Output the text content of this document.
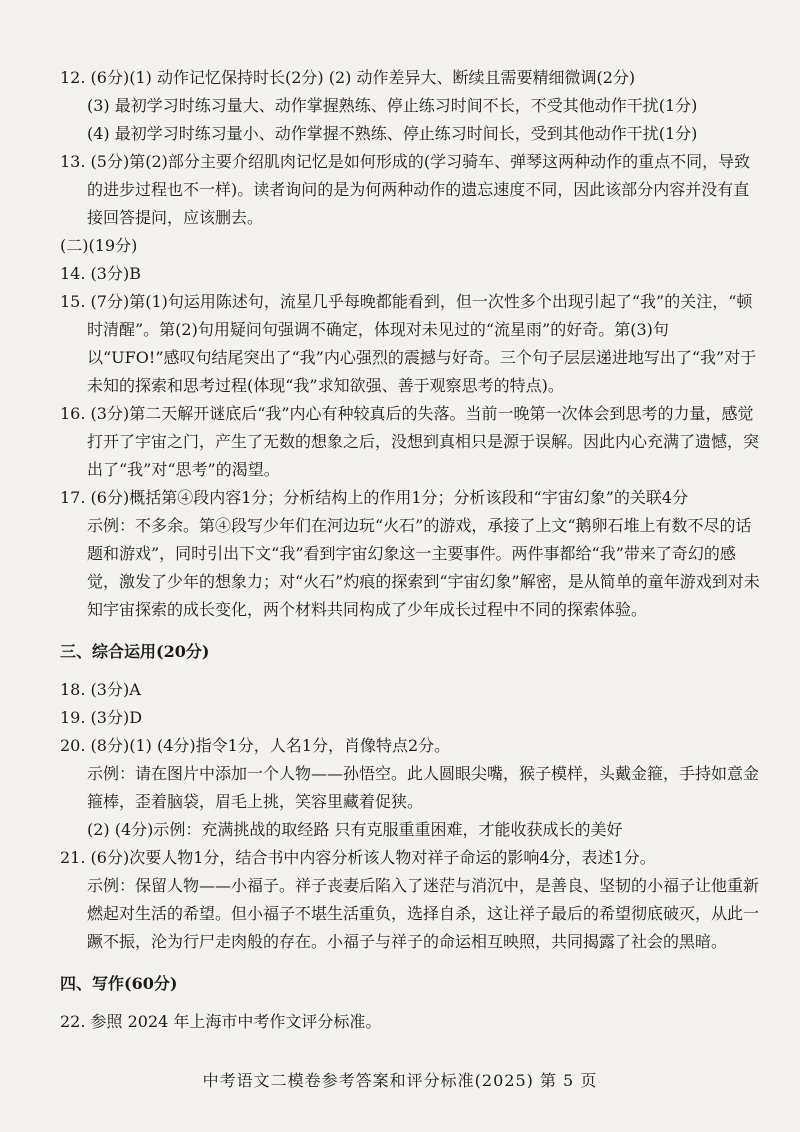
12. (6分)(1) 动作记忆保持时长(2分) (2) 动作差异大、断续且需要精细微调(2分)

(3) 最初学习时练习量大、动作掌握熟练、停止练习时间不长，不受其他动作干扰(1分)

(4) 最初学习时练习量小、动作掌握不熟练、停止练习时间长，受到其他动作干扰(1分)

13. (5分)第(2)部分主要介绍肌肉记忆是如何形成的(学习骑车、弹琴这两种动作的重点不同，导致的进步过程也不一样)。读者询问的是为何两种动作的遗忘速度不同，因此该部分内容并没有直接回答提问，应该删去。

(二)(19分)

14. (3分)B

15. (7分)第(1)句运用陈述句，流星几乎每晚都能看到，但一次性多个出现引起了“我”的关注，“顿时清醒”。第(2)句用疑问句强调不确定，体现对未见过的“流星雨”的好奇。第(3)句以“UFO!”感叹句结尾突出了“我”内心强烈的震撼与好奇。三个句子层层递进地写出了“我”对于未知的探索和思考过程(体现“我”求知欲强、善于观察思考的特点)。

16. (3分)第二天解开谜底后“我”内心有种较真后的失落。当前一晚第一次体会到思考的力量，感觉打开了宇宙之门，产生了无数的想象之后，没想到真相只是源于误解。因此内心充满了遗憾，突出了“我”对“思考”的渴望。

17. (6分)概括第④段内容1分；分析结构上的作用1分；分析该段和“宇宙幻象”的关联4分

示例：不多余。第④段写少年们在河边玩“火石”的游戏，承接了上文“鹅卵石堆上有数不尽的话题和游戏”，同时引出下文“我”看到宇宙幻象这一主要事件。两件事都给“我”带来了奇幻的感觉，激发了少年的想象力；对“火石”灼痕的探索到“宇宙幻象”解密，是从简单的童年游戏到对未知宇宙探索的成长变化，两个材料共同构成了少年成长过程中不同的探索体验。

三、综合运用(20分)

18. (3分)A

19. (3分)D

20. (8分)(1) (4分)指令1分，人名1分，肖像特点2分。

示例：请在图片中添加一个人物——孙悟空。此人圆眼尖嘴，猴子模样，头戴金箍，手持如意金箍棒，歪着脑袋，眉毛上挑，笑容里藏着促狭。

(2) (4分)示例：充满挑战的取经路 只有克服重重困难，才能收获成长的美好

21. (6分)次要人物1分，结合书中内容分析该人物对祥子命运的影响4分，表述1分。

示例：保留人物——小福子。祥子丧妻后陷入了迷茫与消沉中，是善良、坚韧的小福子让他重新燃起对生活的希望。但小福子不堪生活重负，选择自杀，这让祥子最后的希望彻底破灭，从此一蹶不振，沦为行尸走肉般的存在。小福子与祥子的命运相互映照，共同揭露了社会的黑暗。

四、写作(60分)

22. 参照 2024 年上海市中考作文评分标准。

中考语文二模卷参考答案和评分标准(2025) 第 5 页
